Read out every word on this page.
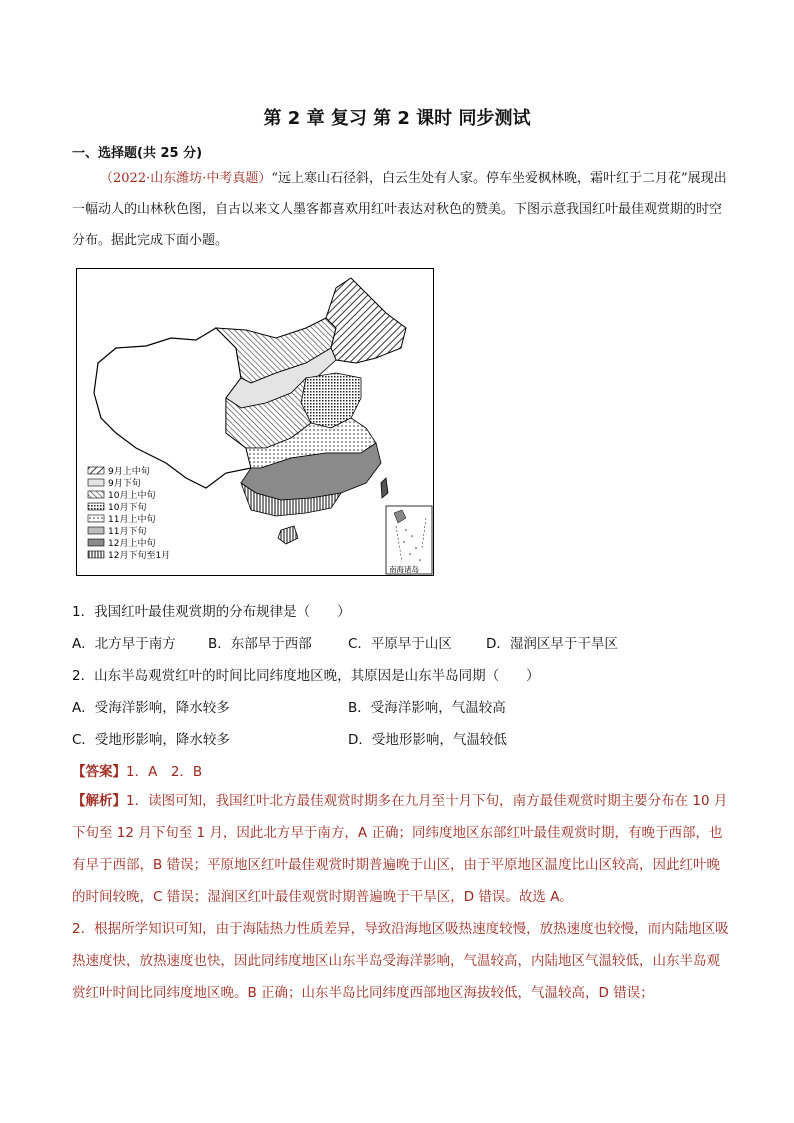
第 2 章 复习 第 2 课时 同步测试
一、选择题(共 25 分)
（2022·山东潍坊·中考真题）“远上寒山石径斜，白云生处有人家。停车坐爱枫林晚，霜叶红于二月花”展现出一幅动人的山林秋色图，自古以来文人墨客都喜欢用红叶表达对秋色的赞美。下图示意我国红叶最佳观赏期的时空分布。据此完成下面小题。
9月上中旬
9月下旬
10月上中旬
10月下旬
11月上中旬
11月下旬
12月上中旬
12月下旬至1月
南海诸岛
1．我国红叶最佳观赏期的分布规律是（　　）
A．北方早于南方 B．东部早于西部	C．平原早于山区	D．湿润区早于干旱区
2．山东半岛观赏红叶的时间比同纬度地区晚，其原因是山东半岛同期（　　）
A．受海洋影响，降水较多	B．受海洋影响，气温较高
C．受地形影响，降水较多	D．受地形影响，气温较低
【答案】1．A　2．B
【解析】1．读图可知，我国红叶北方最佳观赏时期多在九月至十月下旬，南方最佳观赏时期主要分布在 10 月下旬至 12 月下旬至 1 月，因此北方早于南方，A 正确；同纬度地区东部红叶最佳观赏时期，有晚于西部，也有早于西部，B 错误；平原地区红叶最佳观赏时期普遍晚于山区，由于平原地区温度比山区较高，因此红叶晚的时间较晚，C 错误；湿润区红叶最佳观赏时期普遍晚于干旱区，D 错误。故选 A。
2．根据所学知识可知，由于海陆热力性质差异，导致沿海地区吸热速度较慢，放热速度也较慢，而内陆地区吸热速度快，放热速度也快，因此同纬度地区山东半岛受海洋影响，气温较高，内陆地区气温较低，山东半岛观赏红叶时间比同纬度地区晚。B 正确；山东半岛比同纬度西部地区海拔较低，气温较高，D 错误；
